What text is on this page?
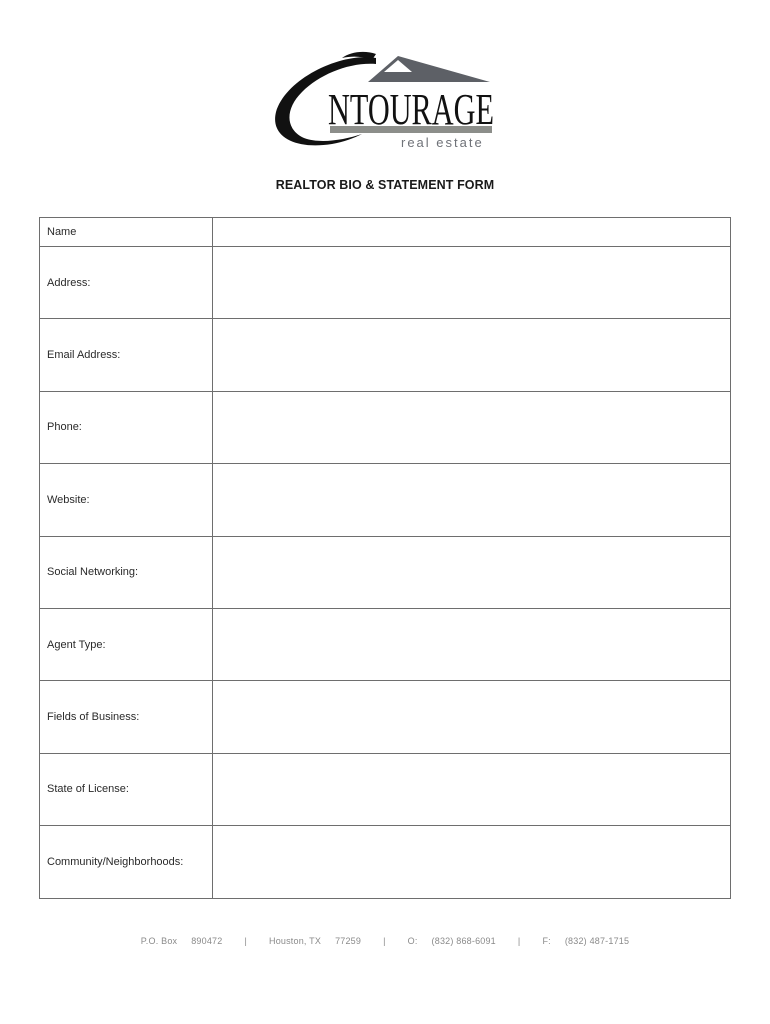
NTOURAGE
real estate
REALTOR BIO & STATEMENT FORM
Name	
Address:	
Email Address:	
Phone:	
Website:	
Social Networking:	
Agent Type:	
Fields of Business:	
State of License:	
Community/Neighborhoods:	
P.O. Box 890472 | Houston, TX 77259 | O: (832) 868-6091 | F: (832) 487-1715
